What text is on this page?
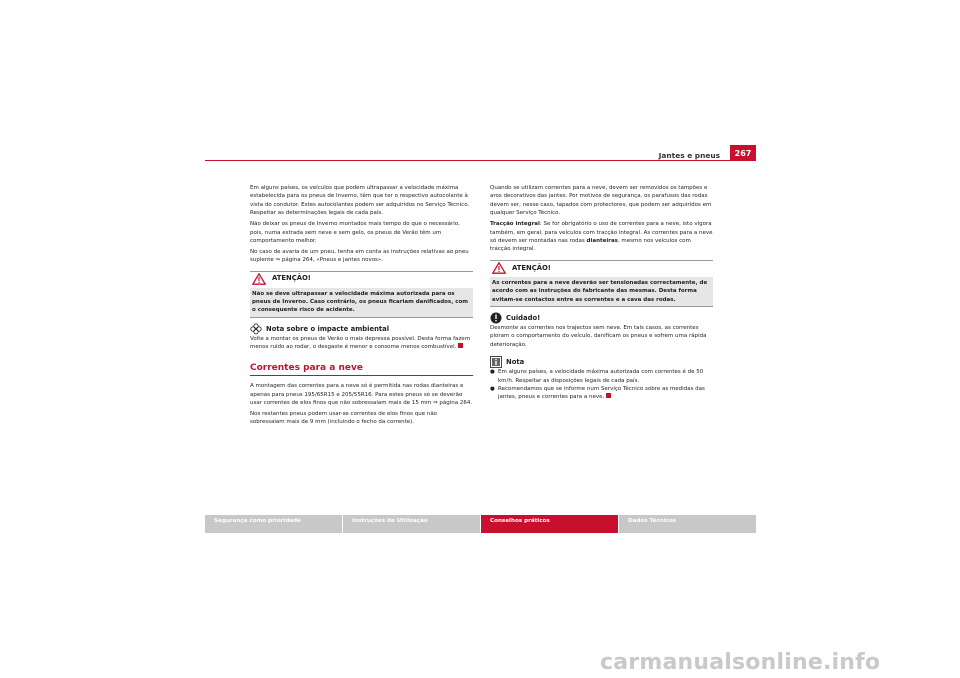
Jantes e pneus	267

Em alguns países, os veículos que podem ultrapassar a velocidade máxima estabelecida para os pneus de Inverno, têm que ter o respectivo autocolante à vista do condutor. Estes autocolantes podem ser adquiridos no Serviço Técnico. Respeitar as determinações legais de cada país.

Não deixar os pneus de Inverno montados mais tempo do que o necessário, pois, numa estrada sem neve e sem gelo, os pneus de Verão têm um comportamento melhor.

No caso de avaria de um pneu, tenha em conta as instruções relativas ao pneu suplente ⇒ página 264, «Pneus e jantes novos».

ATENÇÃO!
Não se deve ultrapassar a velocidade máxima autorizada para os pneus de Inverno. Caso contrário, os pneus ficariam danificados, com o consequente risco de acidente.
Nota sobre o impacte ambiental

Volte a montar os pneus de Verão o mais depressa possível. Desta forma fazem menos ruído ao rodar, o desgaste é menor e consome menos combustível.

Correntes para a neve

A montagem das correntes para a neve só é permitida nas rodas dianteiras e apenas para pneus 195/65R15 e 205/55R16. Para estes pneus só se deverão usar correntes de elos finos que não sobressaiam mais de 15 mm ⇒ página 264.

Nos restantes pneus podem usar-se correntes de elos finos que não sobressaiam mais de 9 mm (incluindo o fecho da corrente).

Quando se utilizam correntes para a neve, devem ser removidos os tampões e aros decorativos das jantes. Por motivos de segurança, os parafusos das rodas devem ser, nesse caso, tapados com protectores, que podem ser adquiridos em qualquer Serviço Técnico.

Tracção integral: Se for obrigatório o uso de correntes para a neve, isto vigora também, em geral, para veículos com tracção integral. As correntes para a neve só devem ser montadas nas rodas dianteiras, mesmo nos veículos com tracção integral.

ATENÇÃO!
As correntes para a neve deverão ser tensionadas correctamente, de acordo com as instruções do fabricante das mesmas. Desta forma evitam-se contactos entre as correntes e a cava das rodas.
Cuidado!

Desmonte as correntes nos trajectos sem neve. Em tais casos, as correntes pioram o comportamento do veículo, danificam os pneus e sofrem uma rápida deterioração.

Nota
● Em alguns países, a velocidade máxima autorizada com correntes é de 50 km/h. Respeitar as disposições legais de cada país.
● Recomendamos que se informe num Serviço Técnico sobre as medidas das jantes, pneus e correntes para a neve.
Segurança como prioridade	Instruções de Utilização	Conselhos práticos	Dados Técnicos
carmanualsonline.info
